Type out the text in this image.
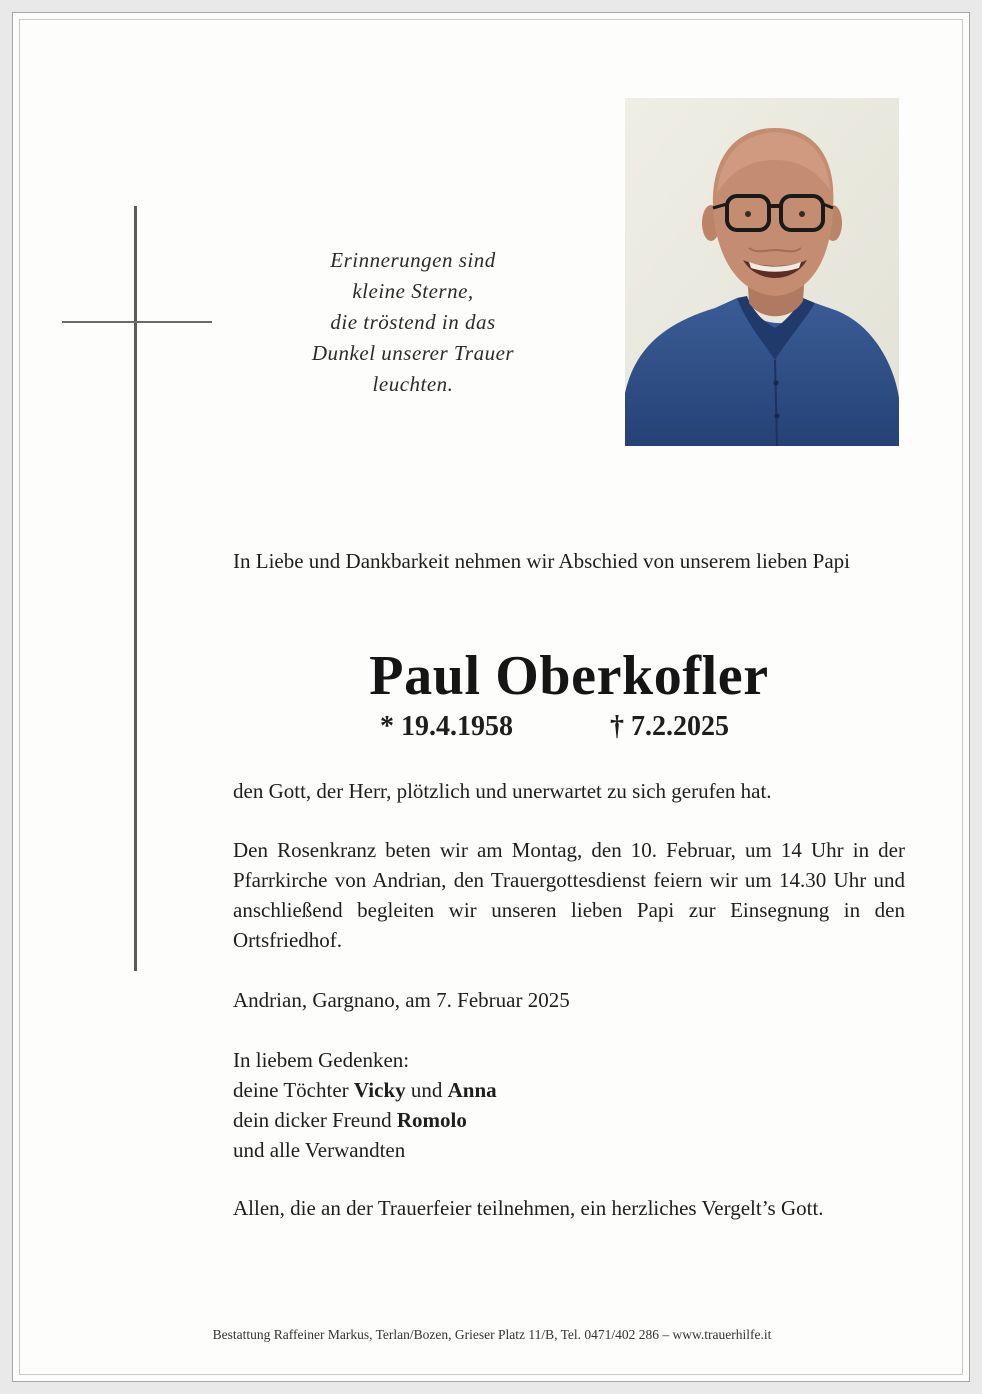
Erinnerungen sind
kleine Sterne,
die tröstend in das
Dunkel unserer Trauer
leuchten.
In Liebe und Dankbarkeit nehmen wir Abschied von unserem lieben Papi
Paul Oberkofler
* 19.4.1958	† 7.2.2025
den Gott, der Herr, plötzlich und unerwartet zu sich gerufen hat.
Den Rosenkranz beten wir am Montag, den 10. Februar, um 14 Uhr in der Pfarrkirche von Andrian, den Trauergottesdienst feiern wir um 14.30 Uhr und anschließend begleiten wir unseren lieben Papi zur Einsegnung in den Ortsfriedhof.
Andrian, Gargnano, am 7. Februar 2025
In liebem Gedenken:
deine Töchter Vicky und Anna
dein dicker Freund Romolo
und alle Verwandten
Allen, die an der Trauerfeier teilnehmen, ein herzliches Vergelt’s Gott.
Bestattung Raffeiner Markus, Terlan/Bozen, Grieser Platz 11/B, Tel. 0471/402 286 – www.trauerhilfe.it
